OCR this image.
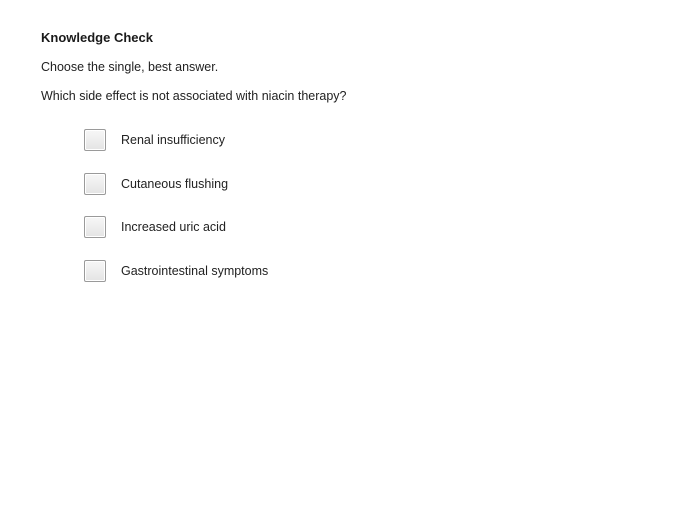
Knowledge Check
Choose the single, best answer.
Which side effect is not associated with niacin therapy?
Renal insufficiency
Cutaneous flushing
Increased uric acid
Gastrointestinal symptoms
